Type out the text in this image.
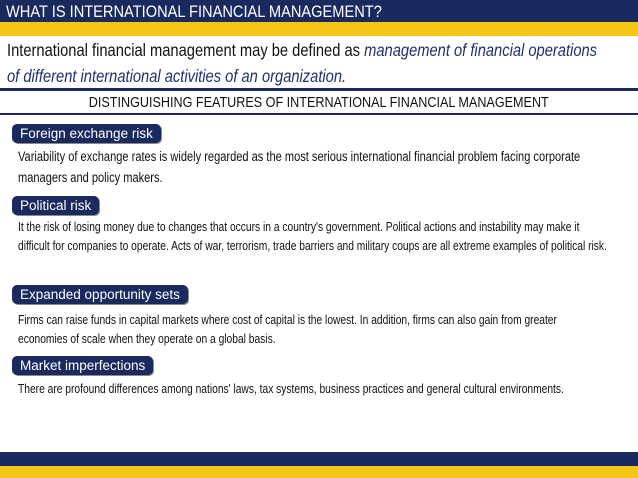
WHAT IS INTERNATIONAL FINANCIAL MANAGEMENT?
International financial management may be defined as management of financial operations of different international activities of an organization.
DISTINGUISHING FEATURES OF INTERNATIONAL FINANCIAL MANAGEMENT
Foreign exchange risk
Variability of exchange rates is widely regarded as the most serious international financial problem facing corporate managers and policy makers.
Political risk
It the risk of losing money due to changes that occurs in a country's government. Political actions and instability may make it difficult for companies to operate. Acts of war, terrorism, trade barriers and military coups are all extreme examples of political risk.
Expanded opportunity sets
Firms can raise funds in capital markets where cost of capital is the lowest. In addition, firms can also gain from greater economies of scale when they operate on a global basis.
Market imperfections
There are profound differences among nations' laws, tax systems, business practices and general cultural environments.
